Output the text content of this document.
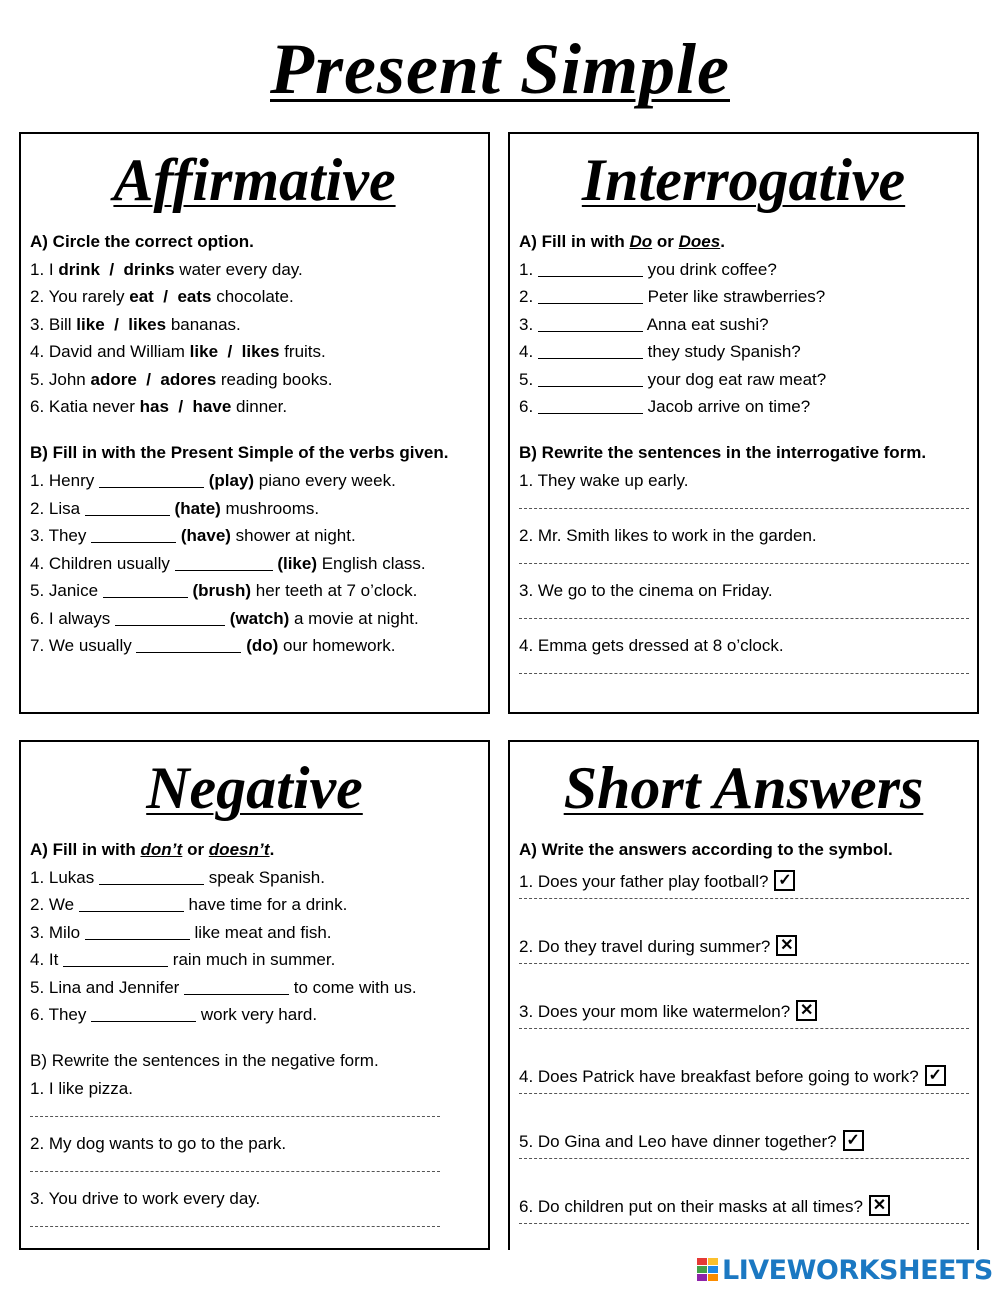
Present Simple
Affirmative
A) Circle the correct option.
1. I drink  /  drinks water every day.
2. You rarely eat  /  eats chocolate.
3. Bill like  /  likes bananas.
4. David and William like  /  likes fruits.
5. John adore  /  adores reading books.
6. Katia never has  /  have dinner.
B) Fill in with the Present Simple of the verbs given.
1. Henry	(play) piano every week.
2. Lisa	(hate) mushrooms.
3. They	(have) shower at night.
4. Children usually	(like) English class.
5. Janice	(brush) her teeth at 7 o’clock.
6. I always	(watch) a movie at night.
7. We usually	(do) our homework.
Interrogative
A) Fill in with Do or Does.
1.	you drink coffee?
2.	Peter like strawberries?
3.	Anna eat sushi?
4.	they study Spanish?
5.	your dog eat raw meat?
6.	Jacob arrive on time?
B) Rewrite the sentences in the interrogative form.
1. They wake up early.
2. Mr. Smith likes to work in the garden.
3. We go to the cinema on Friday.
4. Emma gets dressed at 8 o’clock.
Negative
A) Fill in with don’t or doesn’t.
1. Lukas	speak Spanish.
2. We	have time for a drink.
3. Milo	like meat and fish.
4. It	rain much in summer.
5. Lina and Jennifer	to come with us.
6. They	work very hard.
B) Rewrite the sentences in the negative form.
1. I like pizza.
2. My dog wants to go to the park.
3. You drive to work every day.
Short Answers
A) Write the answers according to the symbol.
1. Does your father play football? ✓
2. Do they travel during summer? ✕
3. Does your mom like watermelon? ✕
4. Does Patrick have breakfast before going to work? ✓
5. Do Gina and Leo have dinner together? ✓
6. Do children put on their masks at all times? ✕
LIVEWORKSHEETS
